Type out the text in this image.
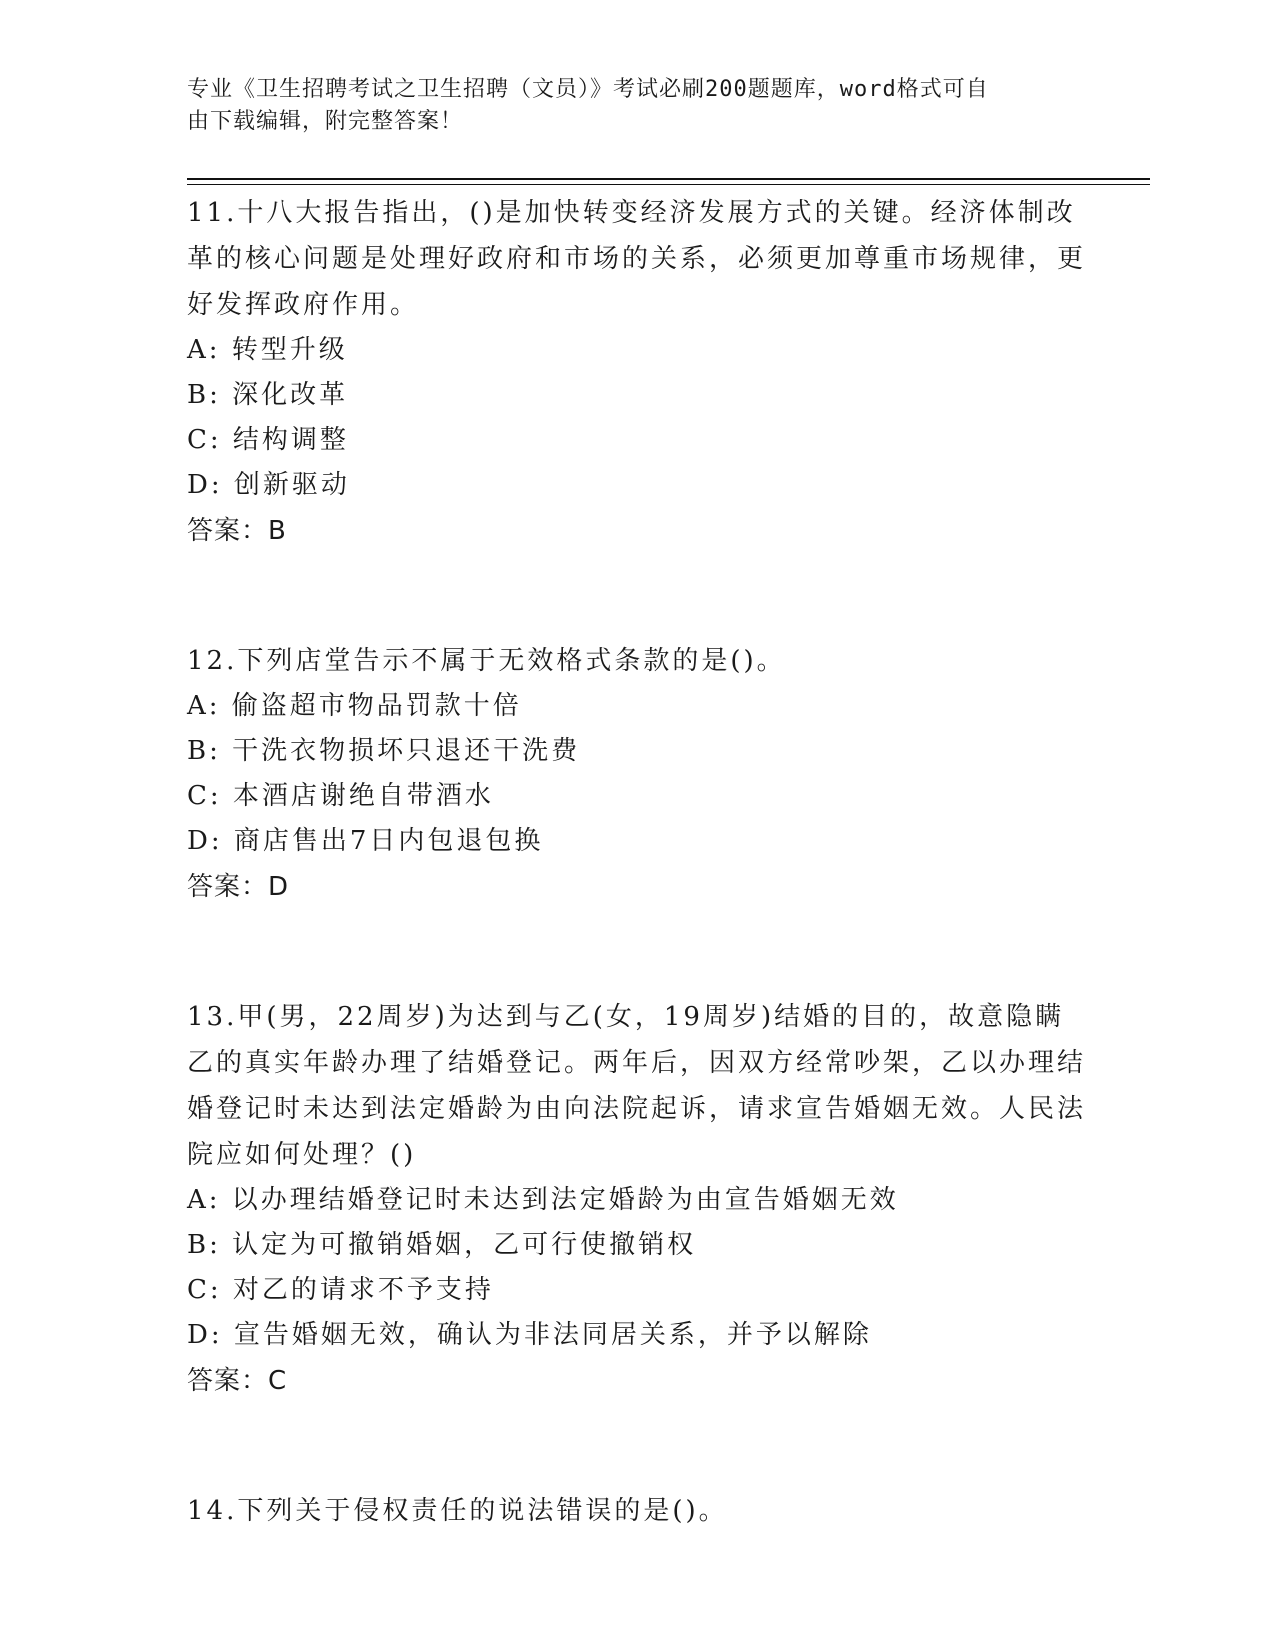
专业《卫生招聘考试之卫生招聘（文员）》考试必刷200题题库，word格式可自
由下载编辑，附完整答案！

11.十八大报告指出，()是加快转变经济发展方式的关键。经济体制改革的核心问题是处理好政府和市场的关系，必须更加尊重市场规律，更好发挥政府作用。

A: 转型升级

B: 深化改革

C: 结构调整

D: 创新驱动

答案：B

12.下列店堂告示不属于无效格式条款的是()。

A: 偷盗超市物品罚款十倍

B: 干洗衣物损坏只退还干洗费

C: 本酒店谢绝自带酒水

D: 商店售出7日内包退包换

答案：D

13.甲(男，22周岁)为达到与乙(女，19周岁)结婚的目的，故意隐瞒乙的真实年龄办理了结婚登记。两年后，因双方经常吵架，乙以办理结婚登记时未达到法定婚龄为由向法院起诉，请求宣告婚姻无效。人民法院应如何处理？()

A: 以办理结婚登记时未达到法定婚龄为由宣告婚姻无效

B: 认定为可撤销婚姻，乙可行使撤销权

C: 对乙的请求不予支持

D: 宣告婚姻无效，确认为非法同居关系，并予以解除

答案：C

14.下列关于侵权责任的说法错误的是()。
